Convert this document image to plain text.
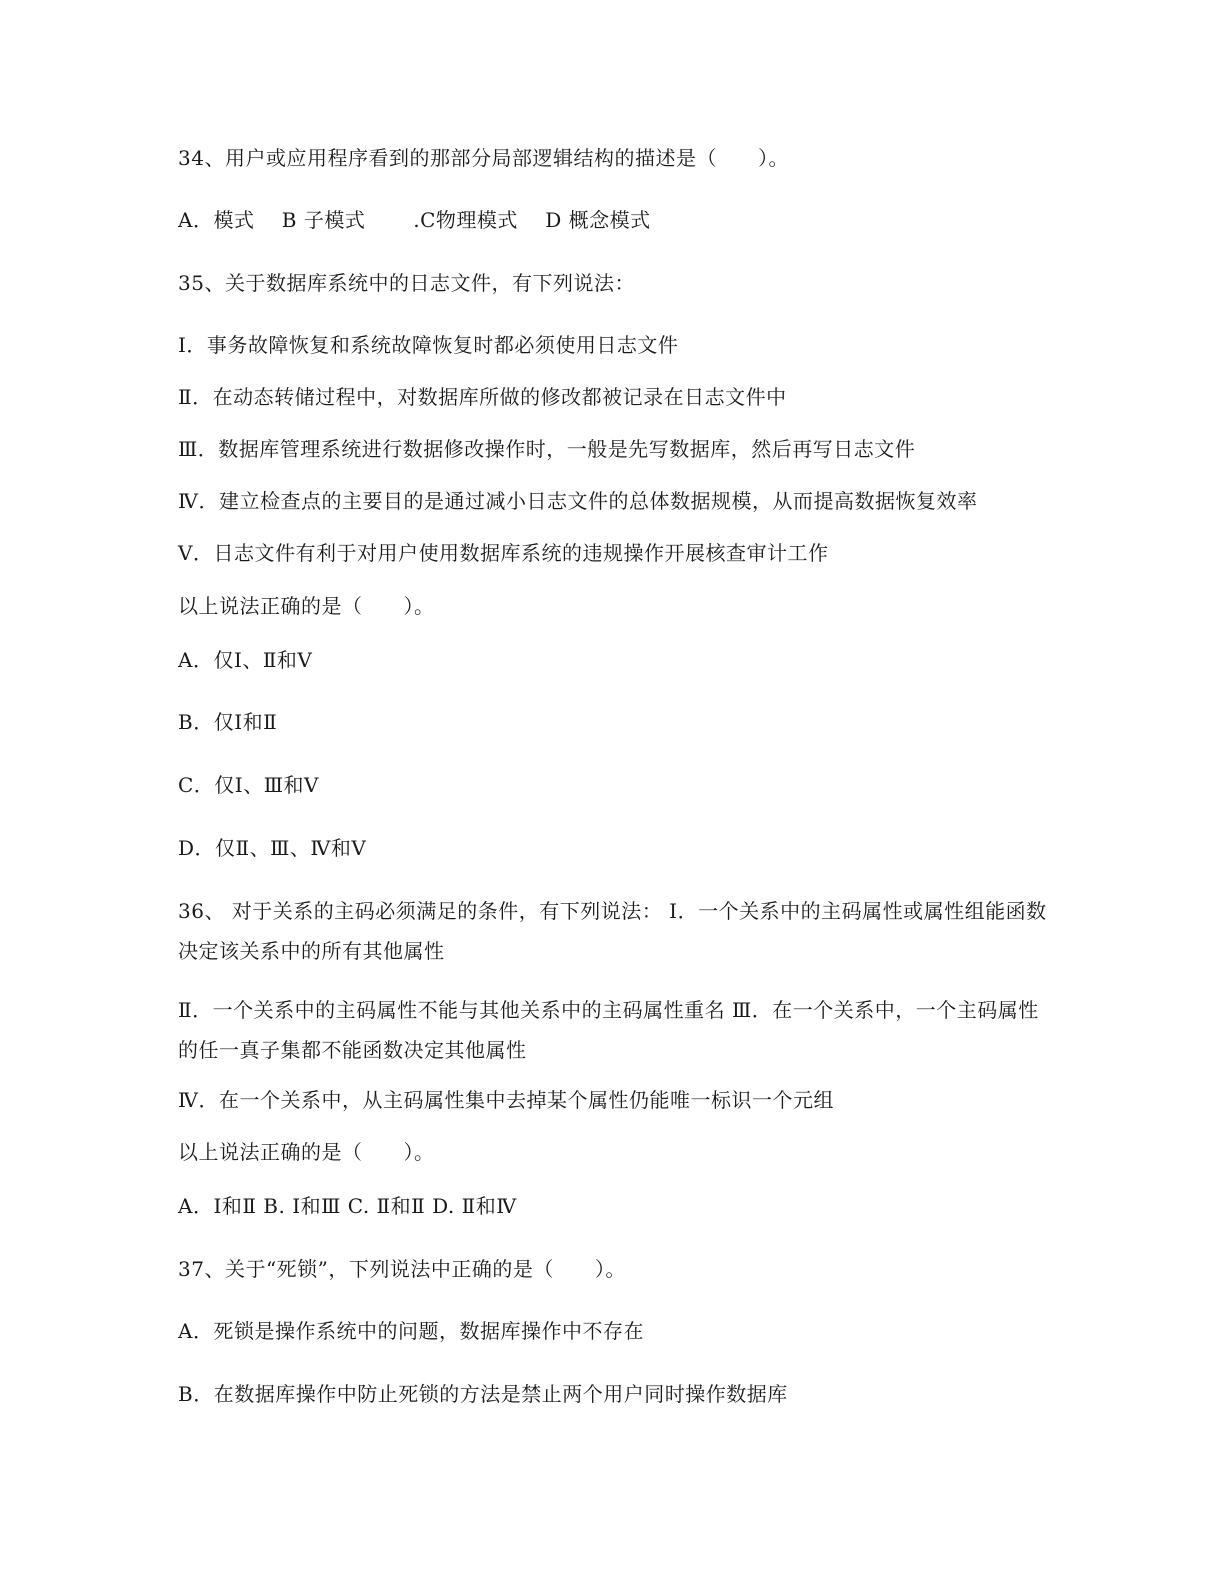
34、用户或应用程序看到的那部分局部逻辑结构的描述是（　　）。
A．模式　 B 子模式　　 .C物理模式　 D 概念模式
35、关于数据库系统中的日志文件，有下列说法：
Ⅰ．事务故障恢复和系统故障恢复时都必须使用日志文件
Ⅱ．在动态转储过程中，对数据库所做的修改都被记录在日志文件中
Ⅲ．数据库管理系统进行数据修改操作时，一般是先写数据库，然后再写日志文件
Ⅳ．建立检查点的主要目的是通过减小日志文件的总体数据规模，从而提高数据恢复效率
Ⅴ．日志文件有利于对用户使用数据库系统的违规操作开展核查审计工作
以上说法正确的是（　　）。
A．仅Ⅰ、Ⅱ和Ⅴ
B．仅Ⅰ和Ⅱ
C．仅Ⅰ、Ⅲ和Ⅴ
D．仅Ⅱ、Ⅲ、Ⅳ和Ⅴ
36、 对于关系的主码必须满足的条件，有下列说法： Ⅰ．一个关系中的主码属性或属性组能函数决定该关系中的所有其他属性
Ⅱ．一个关系中的主码属性不能与其他关系中的主码属性重名 Ⅲ．在一个关系中，一个主码属性的任一真子集都不能函数决定其他属性
Ⅳ．在一个关系中，从主码属性集中去掉某个属性仍能唯一标识一个元组
以上说法正确的是（　　）。
A．Ⅰ和Ⅱ B. Ⅰ和Ⅲ C. Ⅱ和Ⅱ D. Ⅱ和Ⅳ
37、关于“死锁”，下列说法中正确的是（　　）。
A．死锁是操作系统中的问题，数据库操作中不存在
B．在数据库操作中防止死锁的方法是禁止两个用户同时操作数据库
